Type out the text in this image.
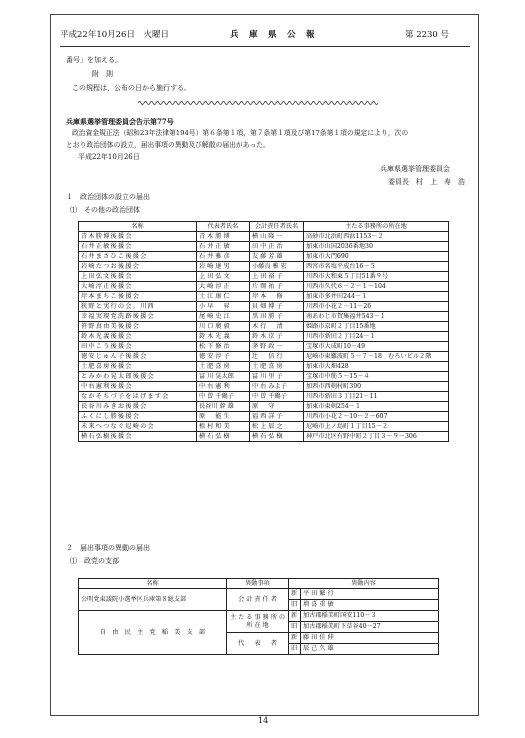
平成22年10月26日　火曜日	兵　庫　県　公　報	第 2230 号
番号」を加える。
附　則
この規程は，公布の日から施行する。
兵庫県選挙管理委員会告示第77号
政治資金規正法（昭和23年法律第194号）第６条第１項，第７条第１項及び第17条第１項の規定により，次の
とおり政治団体の設立，届出事項の異動及び解散の届出があった。
平成22年10月26日
兵庫県選挙管理委員会
委員長　村　上　寿　浩
１　政治団体の設立の届出
⑴　その他の政治団体
名称	代表者氏名	会計責任者氏名	主たる事務所の所在地
青木勝博後援会	青 木 勝 博	横 山 隆 一	高砂市北浜町西浜1153－２
石井正敏後援会	石 井 正 敏	田 中 正 治	加東市山国2036番地30
石井まさひこ後援会	石 井 雅 彦	友 藤 芳 雄	加東市大門690
岩崎たつお後援会	岩 崎 達 男	小藤良 雅 宏	西宮市名塩平成台16－５
上田弘文後援会	上 田 弘 文	上 田 裕 子	川西市大和東５丁目51番９号
大崎淳正後援会	大 崎 淳 正	片 岡 祐 子	川西市久代６－２－１－104
岸本まちこ後援会	土 江 康 仁	岸 本 　 修	加東市多井田244－１
狭野と実行の会。川西	小 早 　 昇	貝 畑 博 子	川西市小花２－11－26
幸福実現党洗路後援会	尾 崎 史 江	黒 田 勝 子	南あわじ市賀集福井543－１
笹野真由美後援会	川 口 廣 毅	木 行 　 清	姫路市京町２丁目15番地
鈴木光義後援会	鈴 木 光 義	鈴 木 京 子	川西市新田２丁目24－１
田中こう後援会	松 下 修 治	茅 野 政 一	宝塚市大成町10－49
徳安じゅん子後援会	徳 安 淳 子	辻 　 信 行	尼崎市東難波町５－７－18　むろいビル２階
土肥喜房後援会	土 肥 喜 房	土 肥 喜 房	加東市大畑428
とみかわ晃太郎後援会	冨 川 晃太郎	冨 川 里 子	宝塚市中筋５－15－４
中右憲利後援会	中 右 憲 利	中 右 みよ子	加西市西剣村町390
なかそちづ子をはげます会	中 曽 千鶴子	中 曽 千鶴子	川西市新田３丁目21－11
長谷川みきお後援会	長谷川 幹 雄	原 　 守	加東市東剣254－１
ふくにし勝後援会	原 　 能 生	福 西 詳 子	川西市小花２－10－２－607
未来へつなぐ尼崎の会	植 村 和 美	松 上 辰 之	尼崎市上ノ島町１丁目15－２
横石弘樹後援会	横 石 弘 樹	横 石 弘 樹	神戸市北区有野中町２丁目３－９－306
２　届出事項の異動の届出
⑴　政党の支部
名称	異動事項	異動内容	
公明党東議院小選挙区兵庫第８総支部	会 計 責 任 者	新	平 田 繁 行
		旧	増 喜 重 敏
自　由　民　主　党　稲　美　支　部	主 た る 事 務 所 の 所 在 地	新	加古郡稲美町国安110－３
		旧	加古郡稲美町下草谷40－27
	代 　 表 　 者	新	藤 田 佳 伸
		旧	辰 己 久 雄
14
